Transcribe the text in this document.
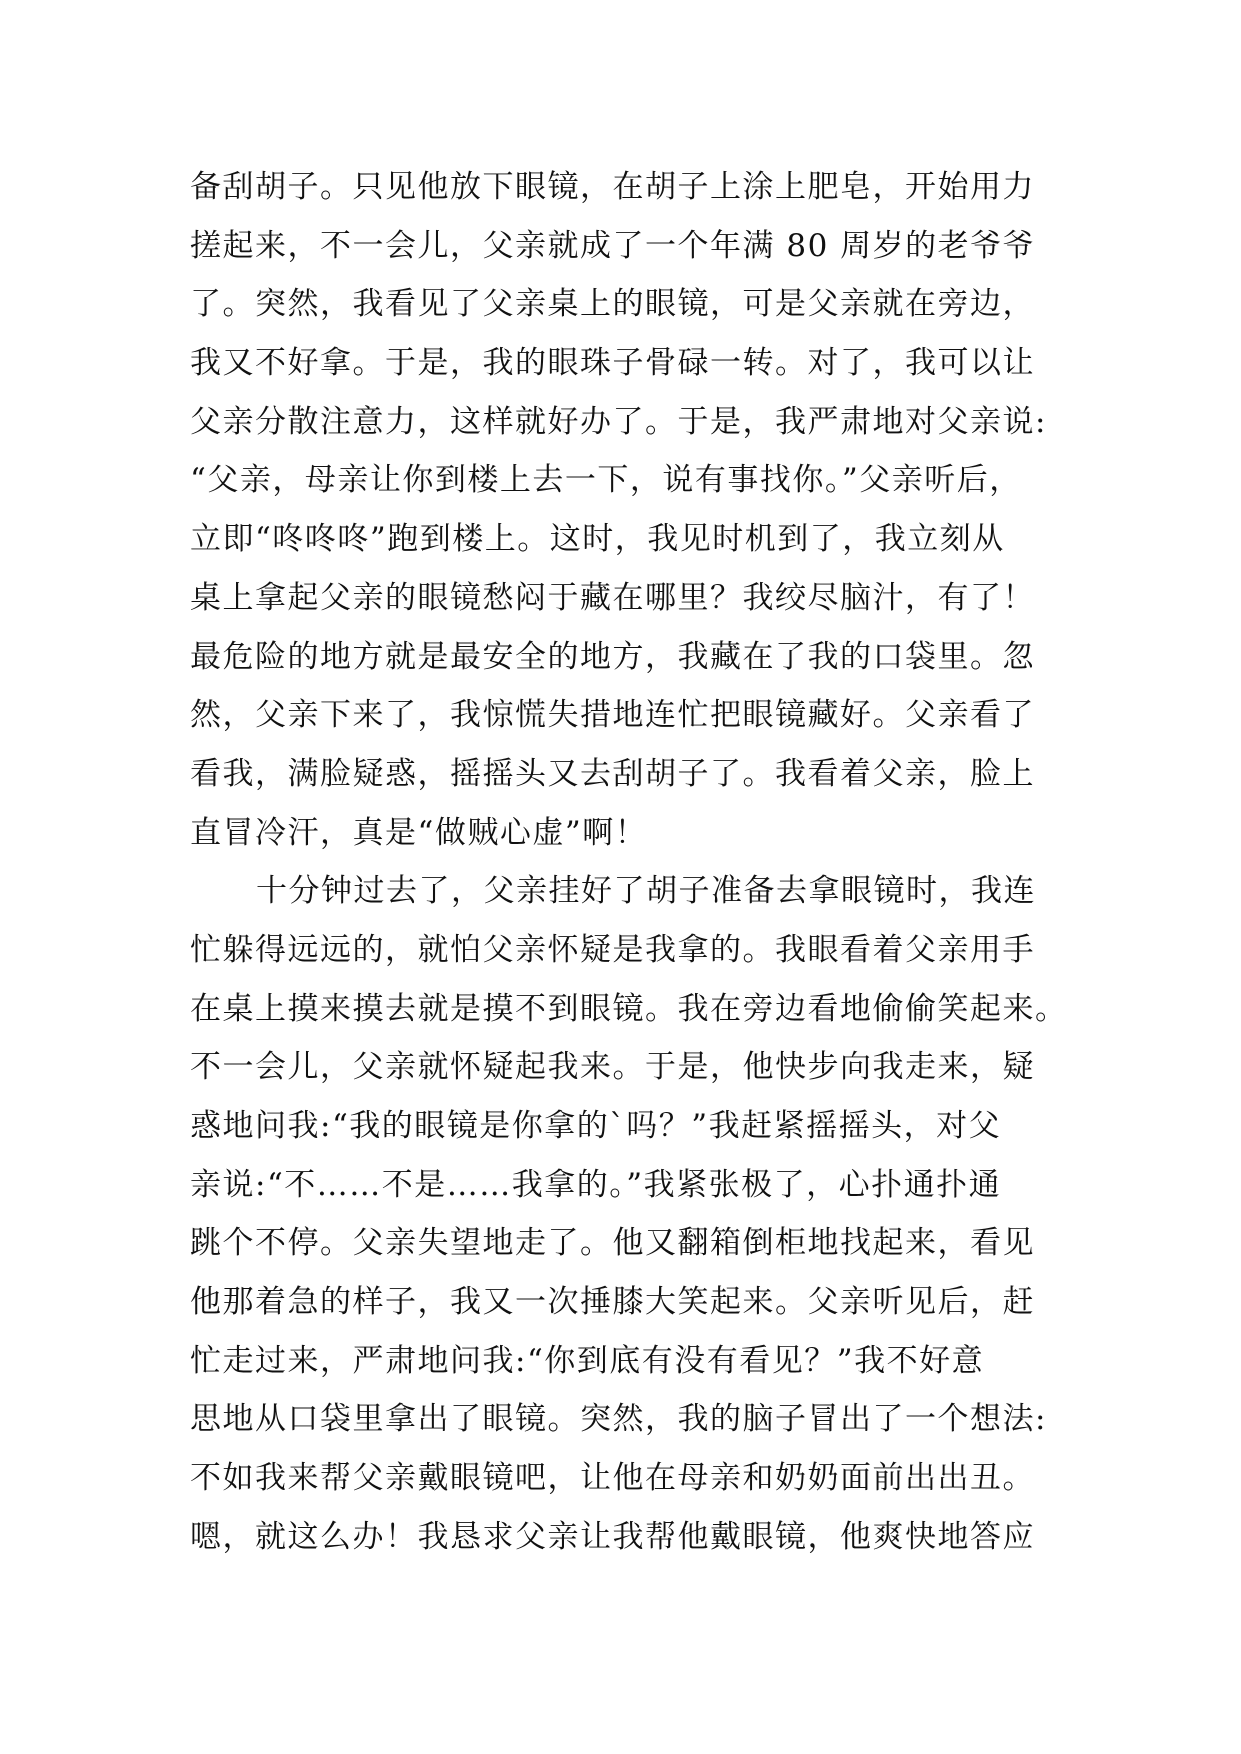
备刮胡子。只见他放下眼镜，在胡子上涂上肥皂，开始用力
搓起来，不一会儿，父亲就成了一个年满 80 周岁的老爷爷
了。突然，我看见了父亲桌上的眼镜，可是父亲就在旁边，
我又不好拿。于是，我的眼珠子骨碌一转。对了，我可以让
父亲分散注意力，这样就好办了。于是，我严肃地对父亲说:
“父亲，母亲让你到楼上去一下，说有事找你。”父亲听后，
立即“咚咚咚”跑到楼上。这时，我见时机到了，我立刻从
桌上拿起父亲的眼镜愁闷于藏在哪里？我绞尽脑汁，有了！
最危险的地方就是最安全的地方，我藏在了我的口袋里。忽
然，父亲下来了，我惊慌失措地连忙把眼镜藏好。父亲看了
看我，满脸疑惑，摇摇头又去刮胡子了。我看着父亲，脸上
直冒冷汗，真是“做贼心虚”啊！
十分钟过去了，父亲挂好了胡子准备去拿眼镜时，我连
忙躲得远远的，就怕父亲怀疑是我拿的。我眼看着父亲用手
在桌上摸来摸去就是摸不到眼镜。我在旁边看地偷偷笑起来。
不一会儿，父亲就怀疑起我来。于是，他快步向我走来，疑
惑地问我:“我的眼镜是你拿的`吗？”我赶紧摇摇头，对父
亲说:“不……不是……我拿的。”我紧张极了，心扑通扑通
跳个不停。父亲失望地走了。他又翻箱倒柜地找起来，看见
他那着急的样子，我又一次捶膝大笑起来。父亲听见后，赶
忙走过来，严肃地问我:“你到底有没有看见？”我不好意
思地从口袋里拿出了眼镜。突然，我的脑子冒出了一个想法:
不如我来帮父亲戴眼镜吧，让他在母亲和奶奶面前出出丑。
嗯，就这么办！我恳求父亲让我帮他戴眼镜，他爽快地答应
